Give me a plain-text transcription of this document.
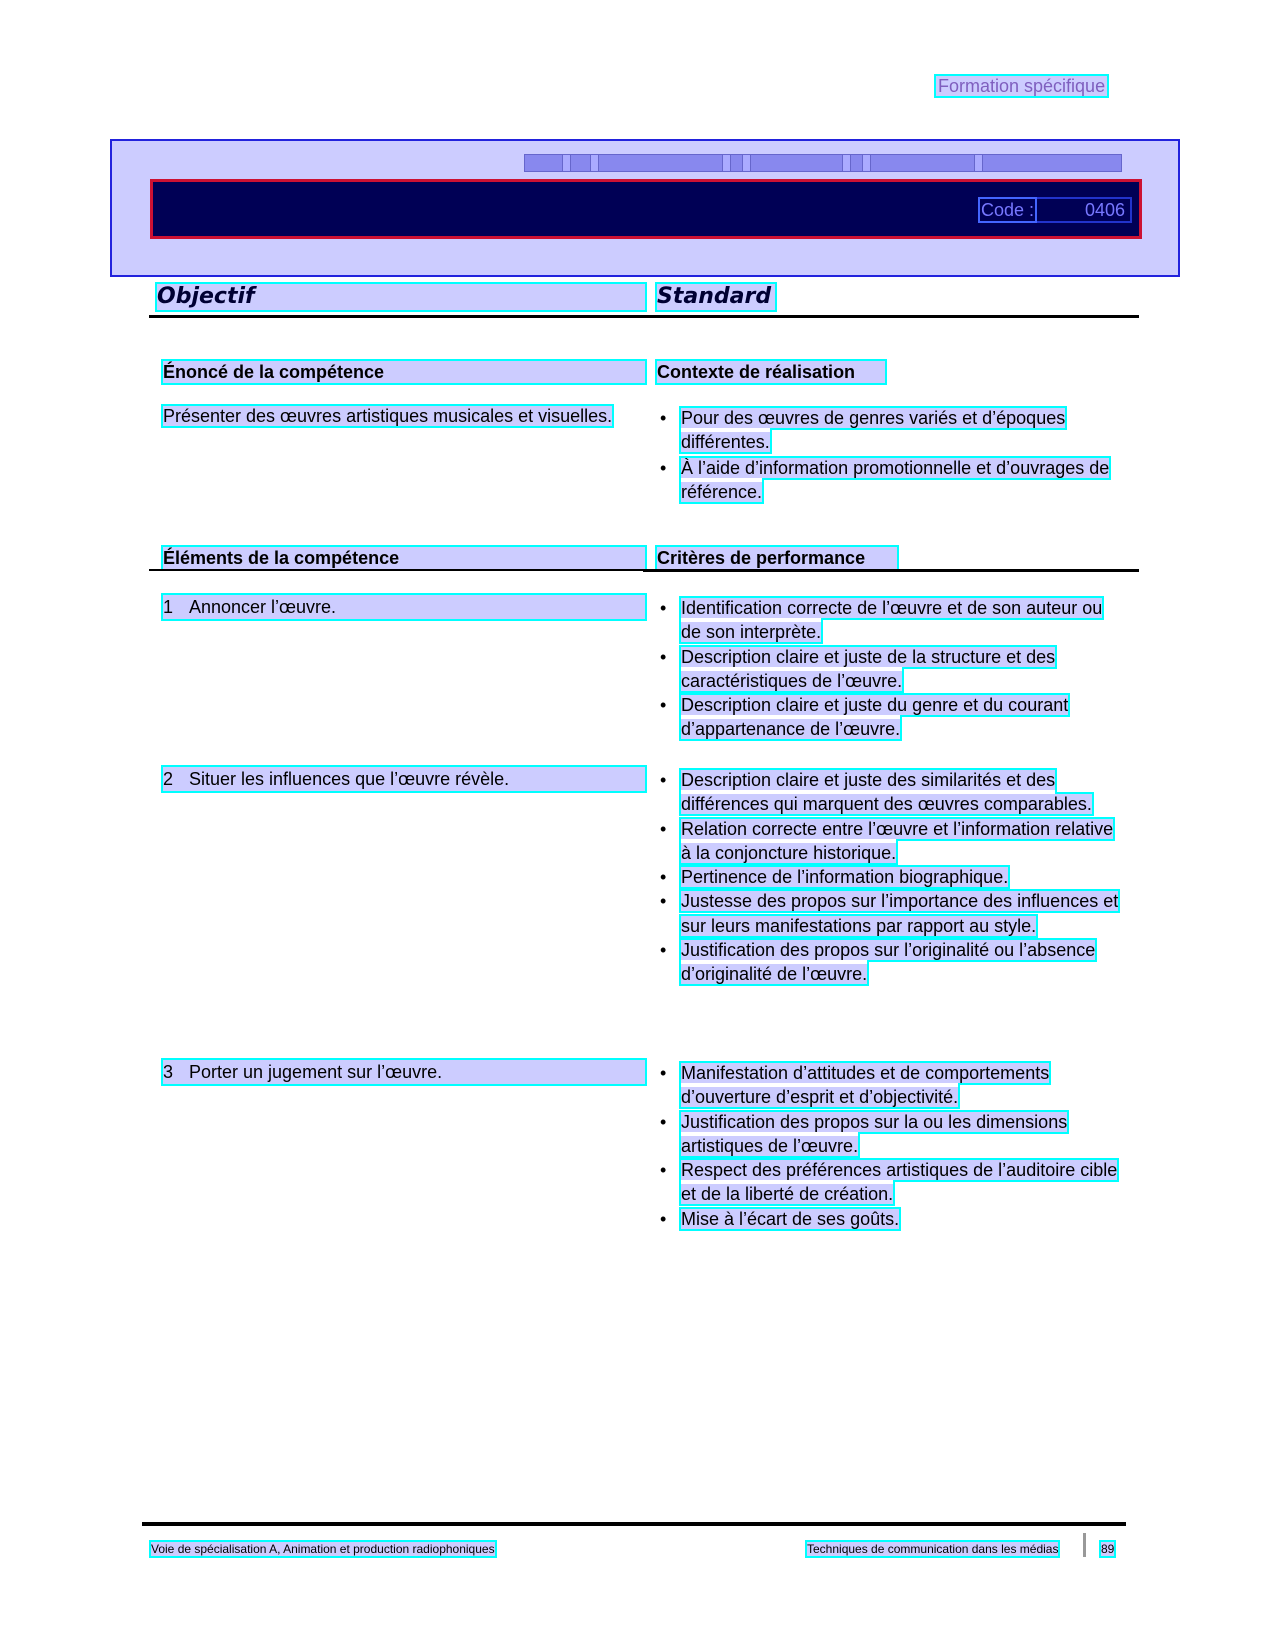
Formation spécifique
Code :	0406
Objectif	Standard
Énoncé de la compétence	Contexte de réalisation
Présenter des œuvres artistiques musicales et visuelles.	• Pour des œuvres de genres variés et d’époques différentes.
• À l’aide d’information promotionnelle et d’ouvrages de référence.
Éléments de la compétence	Critères de performance
1 Annoncer l’œuvre.	• Identification correcte de l’œuvre et de son auteur ou de son interprète.
• Description claire et juste de la structure et des caractéristiques de l’œuvre.
• Description claire et juste du genre et du courant d’appartenance de l’œuvre.
2 Situer les influences que l’œuvre révèle.	• Description claire et juste des similarités et des différences qui marquent des œuvres comparables.
• Relation correcte entre l’œuvre et l’information relative à la conjoncture historique.
• Pertinence de l’information biographique.
• Justesse des propos sur l’importance des influences et sur leurs manifestations par rapport au style.
• Justification des propos sur l’originalité ou l’absence d’originalité de l’œuvre.
3 Porter un jugement sur l’œuvre.	• Manifestation d’attitudes et de comportements d’ouverture d’esprit et d’objectivité.
• Justification des propos sur la ou les dimensions artistiques de l’œuvre.
• Respect des préférences artistiques de l’auditoire cible et de la liberté de création.
• Mise à l’écart de ses goûts.
Voie de spécialisation A, Animation et production radiophoniques	Techniques de communication dans les médias	89
